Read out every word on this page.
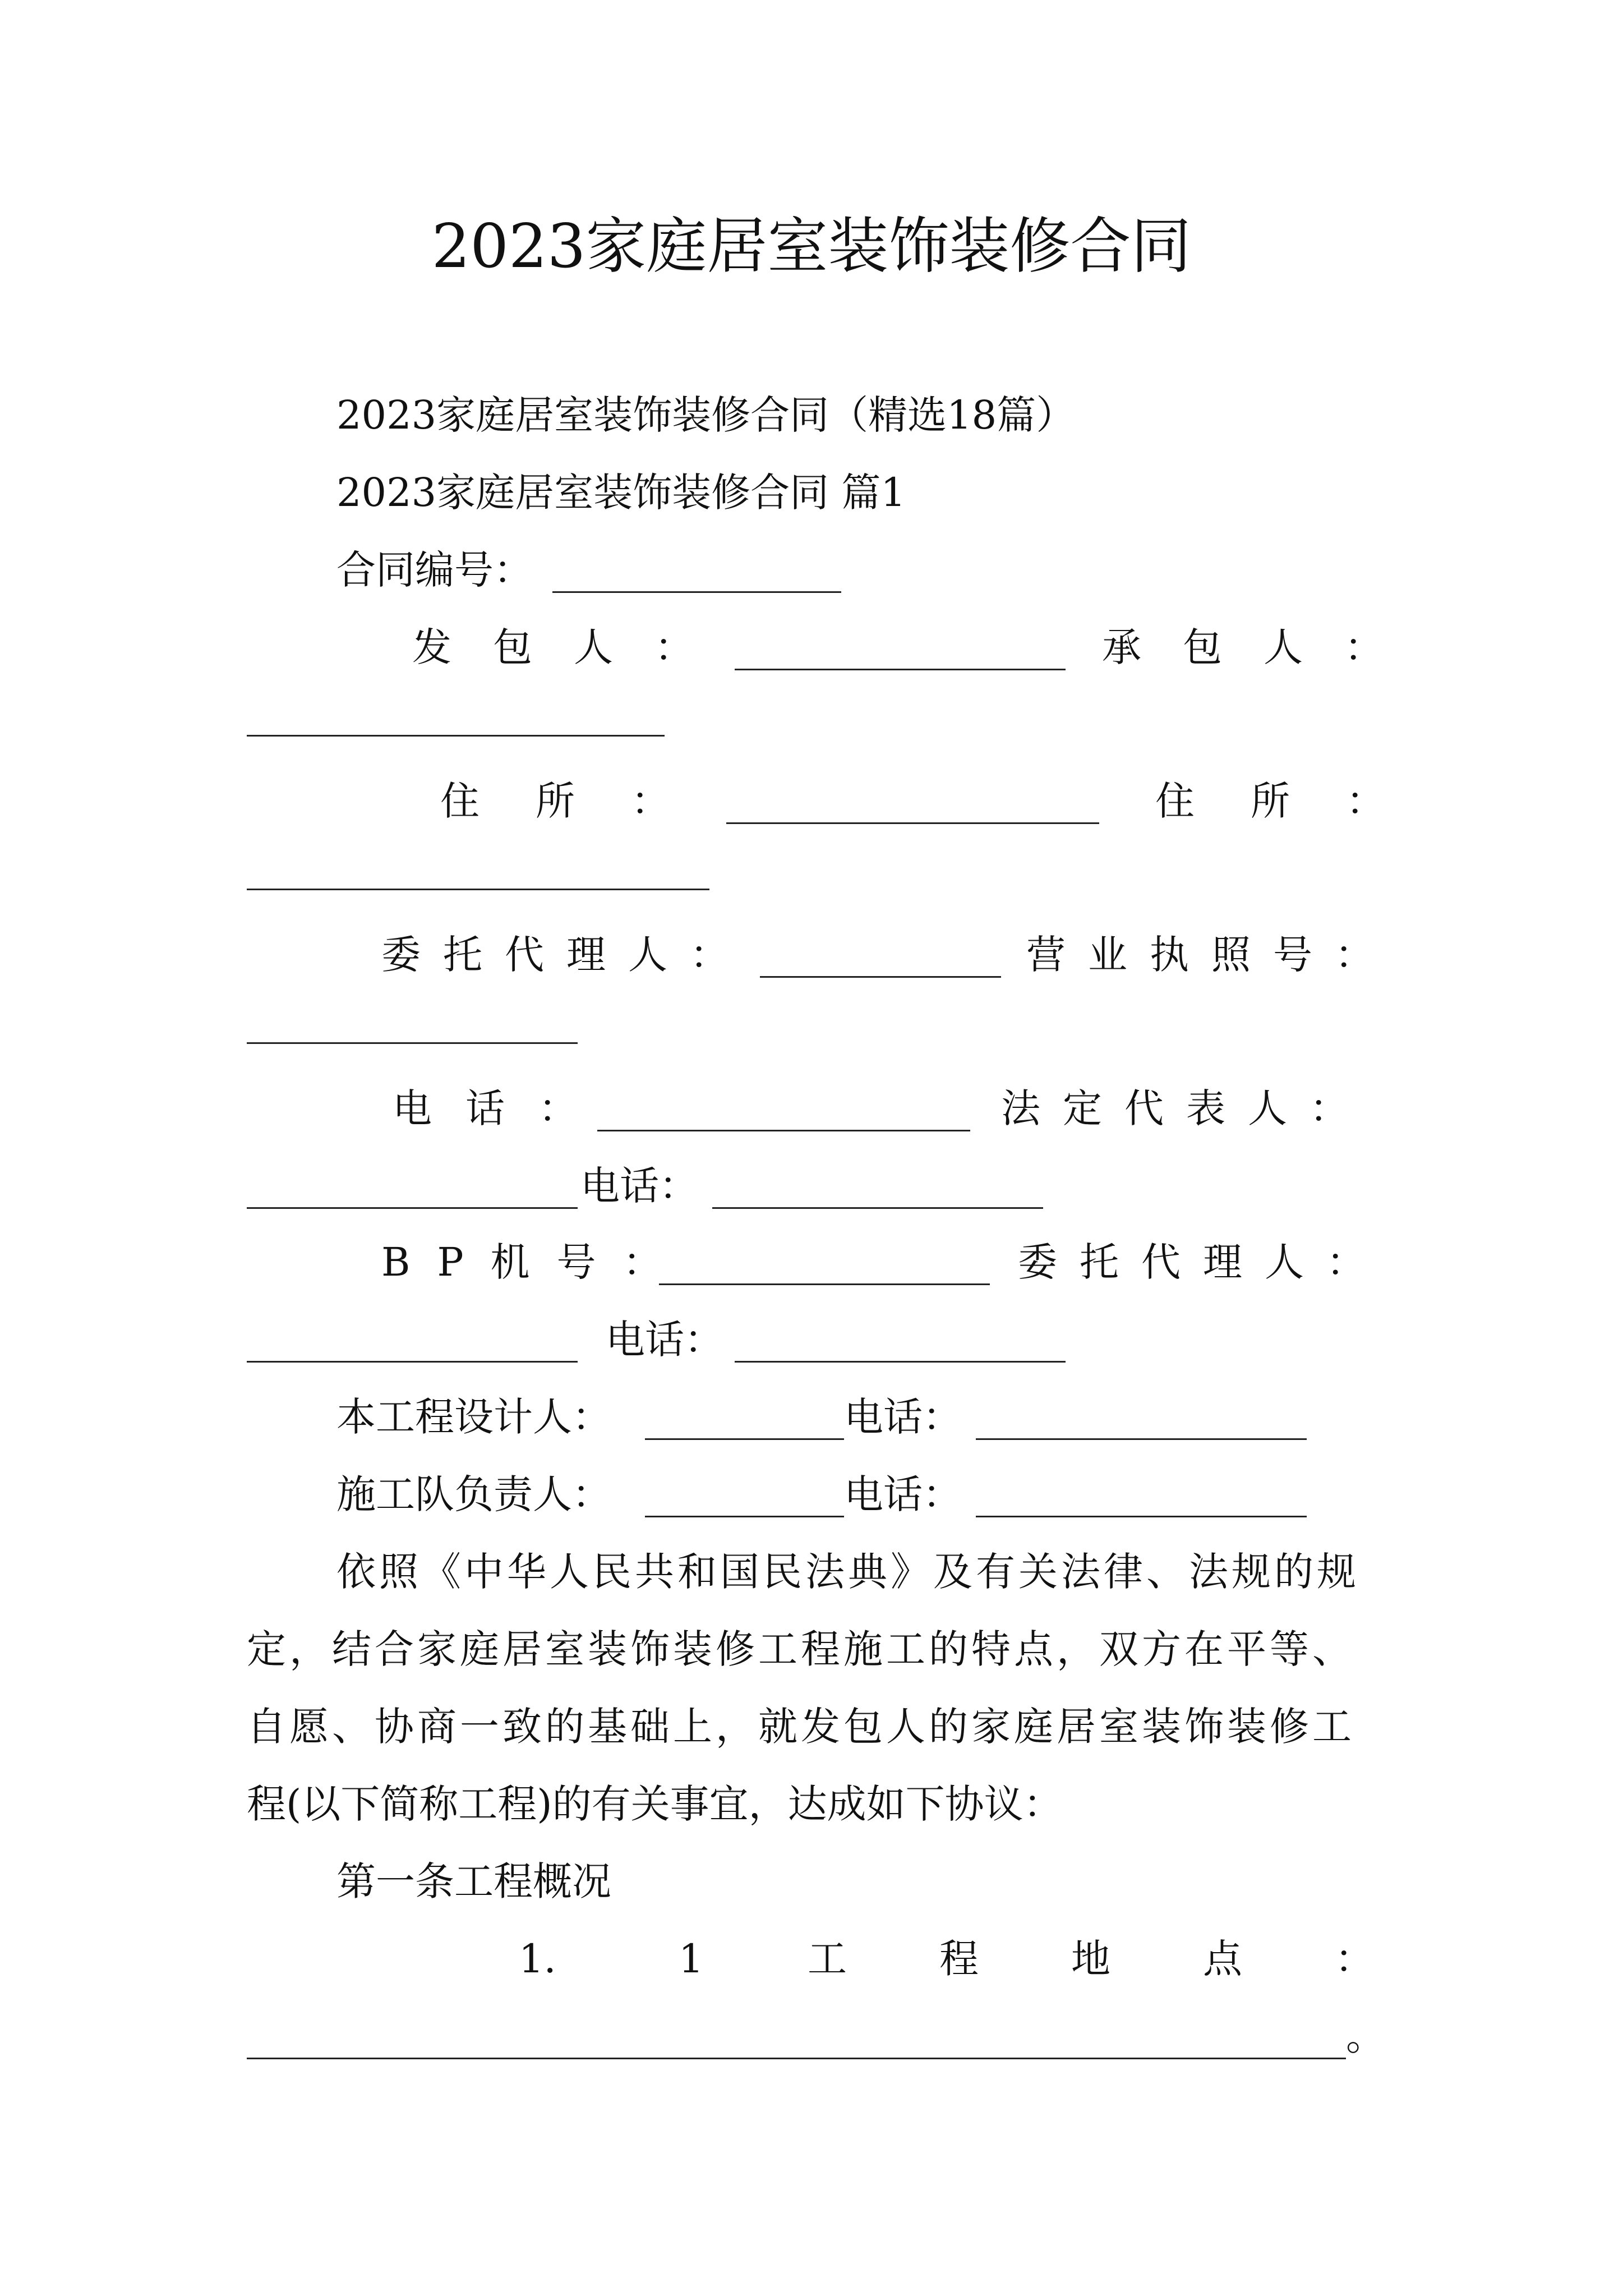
2023家庭居室装饰装修合同
2023家庭居室装饰装修合同（精选18篇）
2023家庭居室装饰装修合同 篇1
合同编号：
发包人：	承包人：
住所：	住所：
委托代理人：	营业执照号：
电话：	法定代表人：
电话：
BP机号：	委托代理人：
电话：
本工程设计人：	电话：
施工队负责人：	电话：
依照《中华人民共和国民法典》及有关法律、法规的规
定，结合家庭居室装饰装修工程施工的特点，双方在平等、
自愿、协商一致的基础上，就发包人的家庭居室装饰装修工
程(以下简称工程)的有关事宜，达成如下协议：
第一条工程概况
1.	1	工程地点 ：
。
